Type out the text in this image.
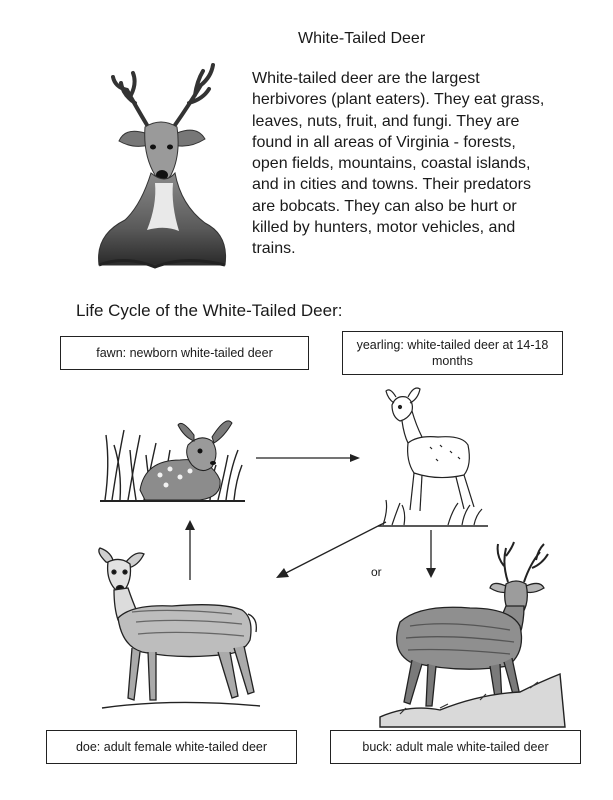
White-Tailed Deer
White-tailed deer are the largest herbivores (plant eaters). They eat grass, leaves, nuts, fruit, and fungi. They are found in all areas of Virginia - forests, open fields, mountains, coastal islands, and in cities and towns. Their predators are bobcats. They can also be hurt or killed by hunters, motor vehicles, and trains.
Life Cycle of the White-Tailed Deer:
fawn: newborn white-tailed deer
yearling: white-tailed deer at 14-18 months
or
doe: adult female white-tailed deer	buck: adult male white-tailed deer
